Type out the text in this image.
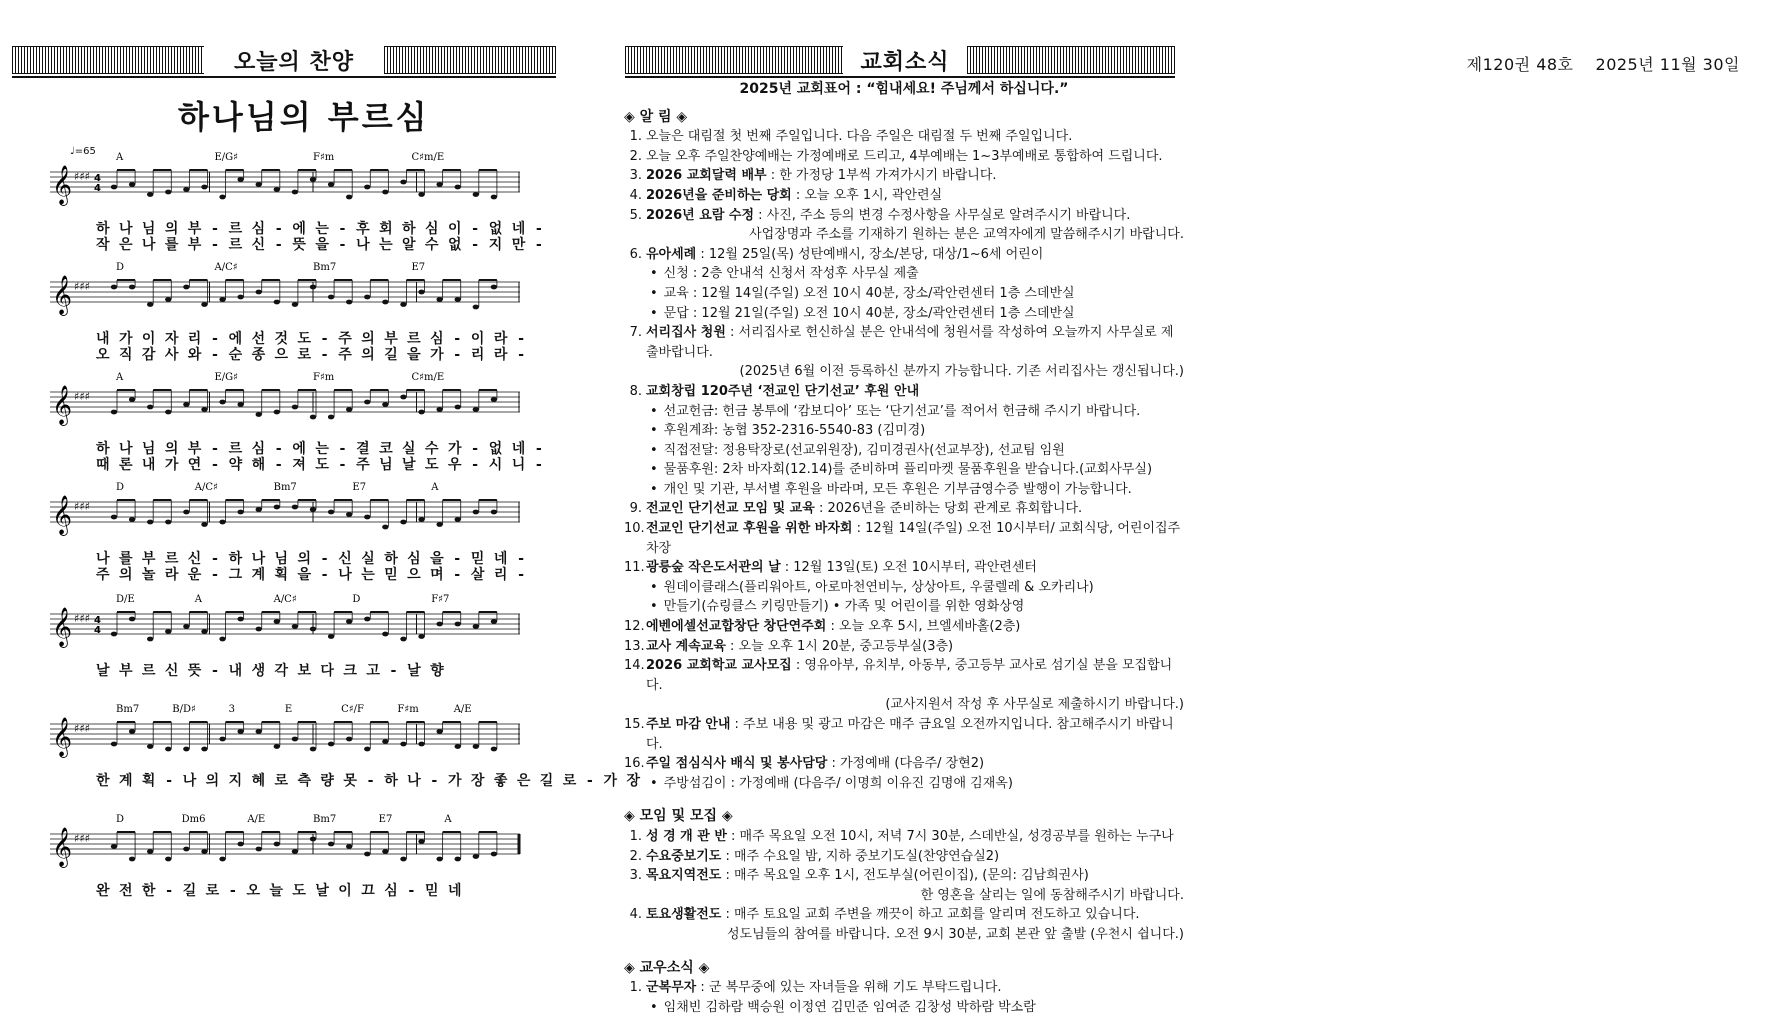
오늘의 찬양	교회소식	제120권 48호 2025년 11월 30일
하나님의 부르심
𝄞 ♯♯♯ 4
4
A	E/G♯	F♯m	C♯m/E
하 나 님 의 부 - 르 심 - 에 는 - 후 회 하 심 이 - 없 네 -
작 은 나 를 부 - 르 신 - 뜻 을 - 나 는 알 수 없 - 지 만 -
𝄞 ♯♯♯
D	A/C♯	Bm7	E7
내 가 이 자 리 - 에 선 것 도 - 주 의 부 르 심 - 이 라 -
오 직 감 사 와 - 순 종 으 로 - 주 의 길 을 가 - 리 라 -
𝄞 ♯♯♯
A	E/G♯	F♯m	C♯m/E
하 나 님 의 부 - 르 심 - 에 는 - 결 코 실 수 가 - 없 네 -
때 론 내 가 연 - 약 해 - 져 도 - 주 님 날 도 우 - 시 니 -
𝄞 ♯♯♯
D	A/C♯	Bm7	E7	A
나 를 부 르 신 - 하 나 님 의 - 신 실 하 심 을 - 믿 네 -
주 의 놀 라 운 - 그 계 획 을 - 나 는 믿 으 며 - 살 리 -
𝄞 ♯♯♯ 4
4
D/E	A	A/C♯	D	F♯7
날 부 르 신 뜻 - 내 생 각 보 다 크 고 - 날 향
𝄞 ♯♯♯
Bm7	B/D♯	3	E	C♯/F	F♯m	A/E
한 계 획 - 나 의 지 혜 로 측 량 못 - 하 나 - 가 장 좋 은 길 로 - 가 장
𝄞 ♯♯♯
D	Dm6	A/E	Bm7	E7	A
완 전 한 - 길 로 - 오 늘 도 날 이 끄 심 - 믿 네
♩=65
2025년 교회표어 : “힘내세요! 주님께서 하십니다.”
◈ 알 림 ◈
1. 오늘은 대림절 첫 번째 주일입니다. 다음 주일은 대림절 두 번째 주일입니다.
2. 오늘 오후 주일찬양예배는 가정예배로 드리고, 4부예배는 1~3부예배로 통합하여 드립니다.
3. 2026 교회달력 배부 : 한 가정당 1부씩 가져가시기 바랍니다.
4. 2026년을 준비하는 당회 : 오늘 오후 1시, 곽안련실
5. 2026년 요람 수정 : 사진, 주소 등의 변경 수정사항을 사무실로 알려주시기 바랍니다.
사업장명과 주소를 기재하기 원하는 분은 교역자에게 말씀해주시기 바랍니다.
6. 유아세례 : 12월 25일(목) 성탄예배시, 장소/본당, 대상/1~6세 어린이
• 신청 : 2층 안내석 신청서 작성후 사무실 제출
• 교육 : 12월 14일(주일) 오전 10시 40분, 장소/곽안련센터 1층 스데반실
• 문답 : 12월 21일(주일) 오전 10시 40분, 장소/곽안련센터 1층 스데반실
7. 서리집사 청원 : 서리집사로 헌신하실 분은 안내석에 청원서를 작성하여 오늘까지 사무실로 제출바랍니다.
(2025년 6월 이전 등록하신 분까지 가능합니다. 기존 서리집사는 갱신됩니다.)
8. 교회창립 120주년 ‘전교인 단기선교’ 후원 안내
• 선교헌금: 헌금 봉투에 ‘캄보디아’ 또는 ‘단기선교’를 적어서 헌금해 주시기 바랍니다.
• 후원계좌: 농협 352-2316-5540-83 (김미경)
• 직접전달: 정용탁장로(선교위원장), 김미경권사(선교부장), 선교팀 임원
• 물품후원: 2차 바자회(12.14)를 준비하며 플리마켓 물품후원을 받습니다.(교회사무실)
• 개인 및 기관, 부서별 후원을 바라며, 모든 후원은 기부금영수증 발행이 가능합니다.
9. 전교인 단기선교 모임 및 교육 : 2026년을 준비하는 당회 관계로 휴회합니다.
10. 전교인 단기선교 후원을 위한 바자회 : 12월 14일(주일) 오전 10시부터/ 교회식당, 어린이집주차장
11. 광릉숲 작은도서관의 날 : 12월 13일(토) 오전 10시부터, 곽안련센터
• 원데이클래스(플리워아트, 아로마천연비누, 상상아트, 우쿨렐레 & 오카리나)
• 만들기(슈링클스 키링만들기) • 가족 및 어린이를 위한 영화상영
12. 에벤에셀선교합창단 창단연주회 : 오늘 오후 5시, 브엘세바홀(2층)
13. 교사 계속교육 : 오늘 오후 1시 20분, 중고등부실(3층)
14. 2026 교회학교 교사모집 : 영유아부, 유치부, 아동부, 중고등부 교사로 섬기실 분을 모집합니다.
(교사지원서 작성 후 사무실로 제출하시기 바랍니다.)
15. 주보 마감 안내 : 주보 내용 및 광고 마감은 매주 금요일 오전까지입니다. 참고해주시기 바랍니다.
16. 주일 점심식사 배식 및 봉사담당 : 가정예배 (다음주/ 장현2)
• 주방섬김이 : 가정예배 (다음주/ 이명희 이유진 김명애 김재옥)
◈ 모임 및 모집 ◈
1. 성 경 개 관 반 : 매주 목요일 오전 10시, 저녁 7시 30분, 스데반실, 성경공부를 원하는 누구나
2. 수요중보기도 : 매주 수요일 밤, 지하 중보기도실(찬양연습실2)
3. 목요지역전도 : 매주 목요일 오후 1시, 전도부실(어린이집), (문의: 김남희권사)
한 영혼을 살리는 일에 동참해주시기 바랍니다.
4. 토요생활전도 : 매주 토요일 교회 주변을 깨끗이 하고 교회를 알리며 전도하고 있습니다.
성도님들의 참여를 바랍니다. 오전 9시 30분, 교회 본관 앞 출발 (우천시 쉽니다.)
◈ 교우소식 ◈
1. 군복무자 : 군 복무중에 있는 자녀들을 위해 기도 부탁드립니다.
• 임채빈 김하람 백승원 이정연 김민준 임여준 김창성 박하람 박소람
